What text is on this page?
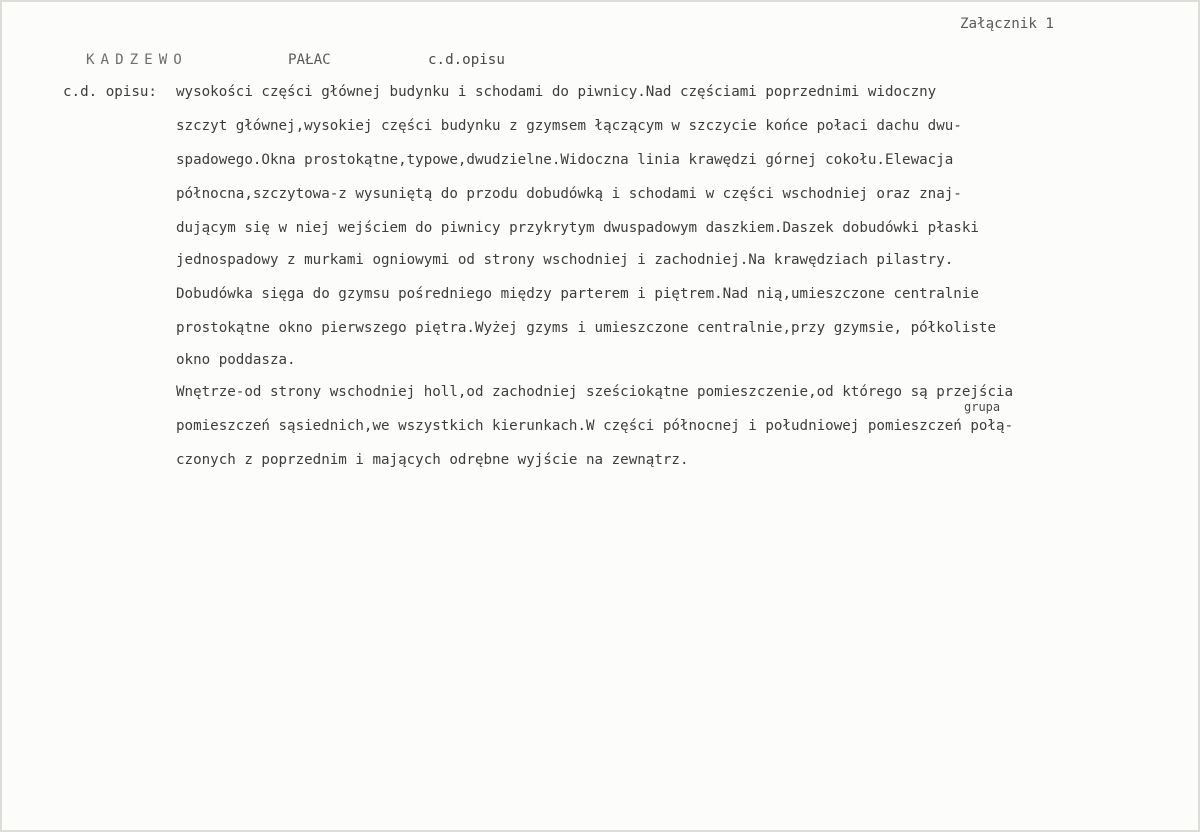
Załącznik 1
KADZEWO	PAŁAC	c.d.opisu
c.d. opisu: wysokości części głównej budynku i schodami do piwnicy.Nad częściami poprzednimi widoczny
szczyt głównej,wysokiej części budynku z gzymsem łączącym w szczycie końce połaci dachu dwu-
spadowego.Okna prostokątne,typowe,dwudzielne.Widoczna linia krawędzi górnej cokołu.Elewacja
północna,szczytowa-z wysuniętą do przodu dobudówką i schodami w części wschodniej oraz znaj-
dującym się w niej wejściem do piwnicy przykrytym dwuspadowym daszkiem.Daszek dobudówki płaski
jednospadowy z murkami ogniowymi od strony wschodniej i zachodniej.Na krawędziach pilastry.
Dobudówka sięga do gzymsu pośredniego między parterem i piętrem.Nad nią,umieszczone centralnie
prostokątne okno pierwszego piętra.Wyżej gzyms i umieszczone centralnie,przy gzymsie, półkoliste
okno poddasza.
Wnętrze-od strony wschodniej holl,od zachodniej sześciokątne pomieszczenie,od którego są przejścia
grupa
pomieszczeń sąsiednich,we wszystkich kierunkach.W części północnej i południowej pomieszczeń połą-
czonych z poprzednim i mających odrębne wyjście na zewnątrz.
